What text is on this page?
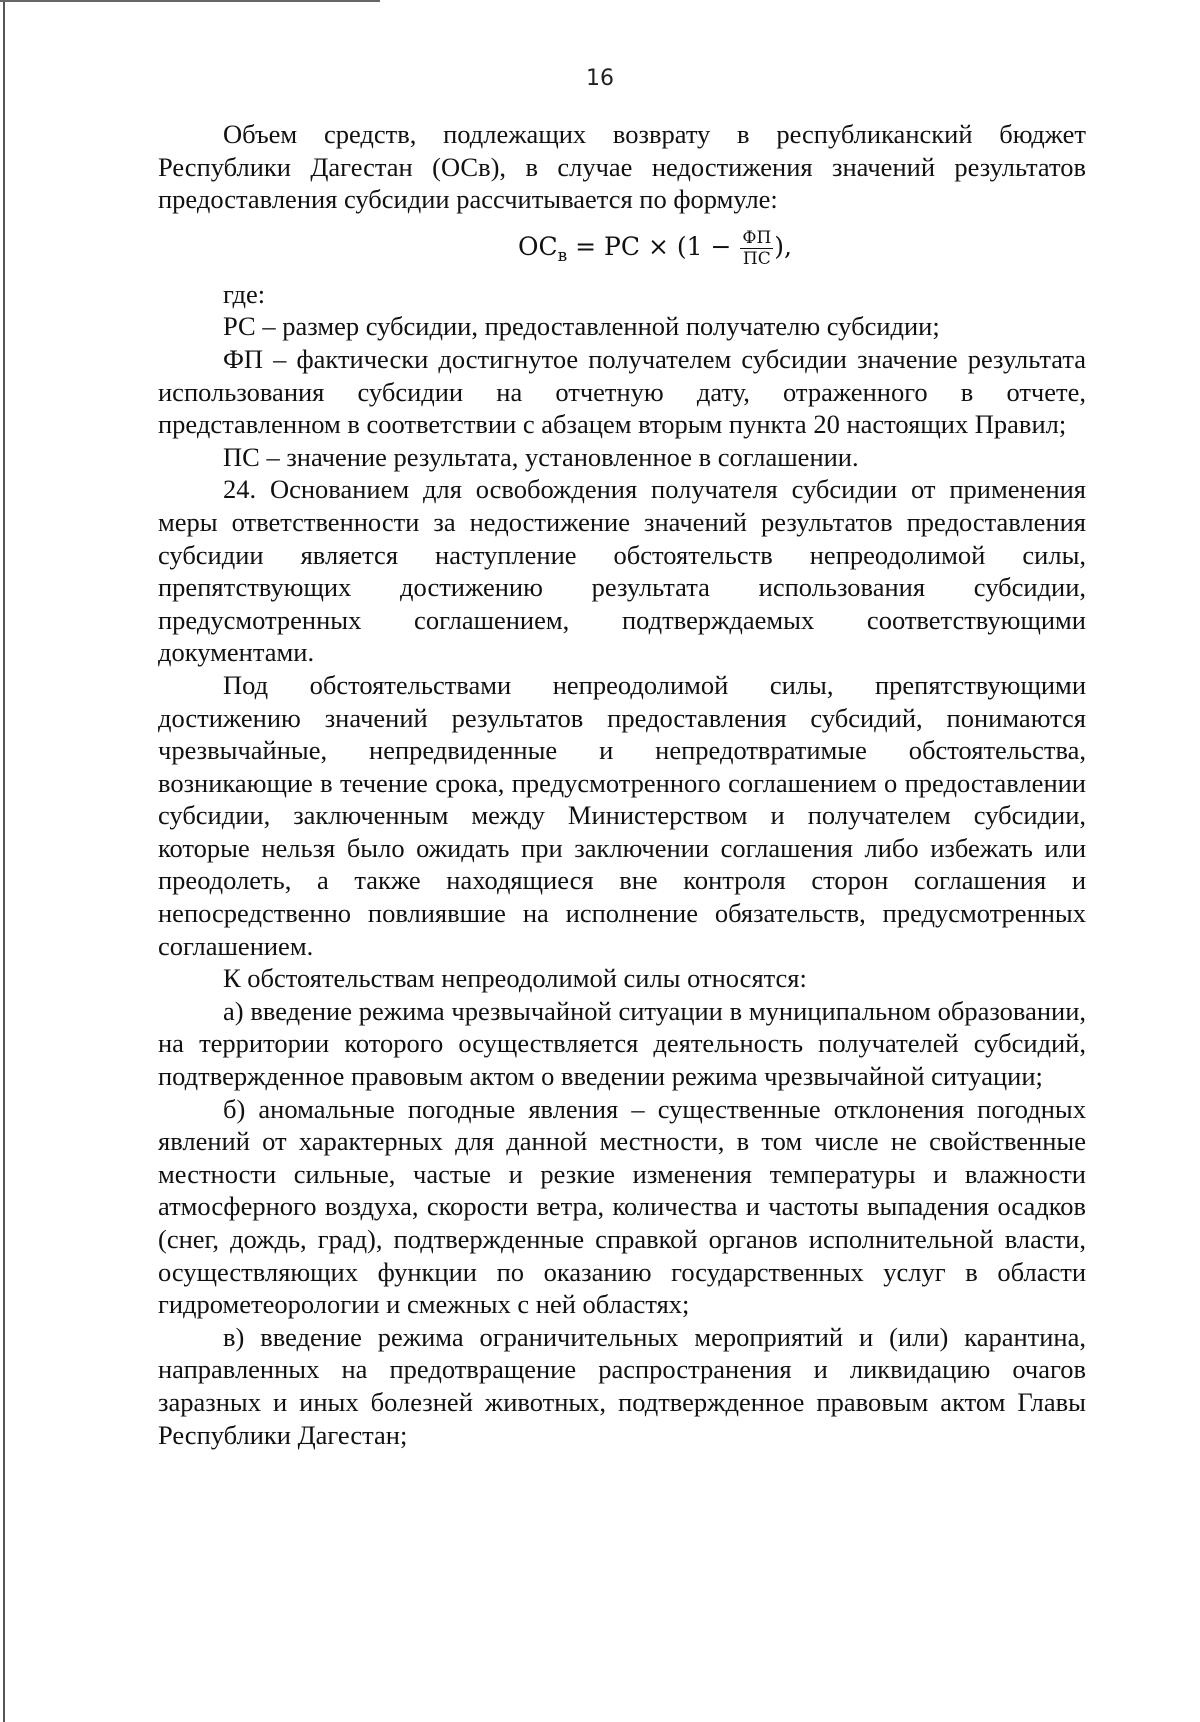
16

Объем средств, подлежащих возврату в республиканский бюджет Республики Дагестан (ОСв), в случае недостижения значений результатов предоставления субсидии рассчитывается по формуле:

$ОС_в$ = РС × ($1 - \frac{ФП}{ПС}$ ),

где:

РС – размер субсидии, предоставленной получателю субсидии;

ФП – фактически достигнутое получателем субсидии значение результата использования субсидии на отчетную дату, отраженного в отчете, представленном в соответствии с абзацем вторым пункта 20 настоящих Правил;

ПС – значение результата, установленное в соглашении.

24. Основанием для освобождения получателя субсидии от применения меры ответственности за недостижение значений результатов предоставления субсидии является наступление обстоятельств непреодолимой силы, препятствующих достижению результата использования субсидии, предусмотренных соглашением, подтверждаемых соответствующими документами.

Под обстоятельствами непреодолимой силы, препятствующими достижению значений результатов предоставления субсидий, понимаются чрезвычайные, непредвиденные и непредотвратимые обстоятельства, возникающие в течение срока, предусмотренного соглашением о предоставлении субсидии, заключенным между Министерством и получателем субсидии, которые нельзя было ожидать при заключении соглашения либо избежать или преодолеть, а также находящиеся вне контроля сторон соглашения и непосредственно повлиявшие на исполнение обязательств, предусмотренных соглашением.

К обстоятельствам непреодолимой силы относятся:

а) введение режима чрезвычайной ситуации в муниципальном образовании, на территории которого осуществляется деятельность получателей субсидий, подтвержденное правовым актом о введении режима чрезвычайной ситуации;

б) аномальные погодные явления – существенные отклонения погодных явлений от характерных для данной местности, в том числе не свойственные местности сильные, частые и резкие изменения температуры и влажности атмосферного воздуха, скорости ветра, количества и частоты выпадения осадков (снег, дождь, град), подтвержденные справкой органов исполнительной власти, осуществляющих функции по оказанию государственных услуг в области гидрометеорологии и смежных с ней областях;

в) введение режима ограничительных мероприятий и (или) карантина, направленных на предотвращение распространения и ликвидацию очагов заразных и иных болезней животных, подтвержденное правовым актом Главы Республики Дагестан;
